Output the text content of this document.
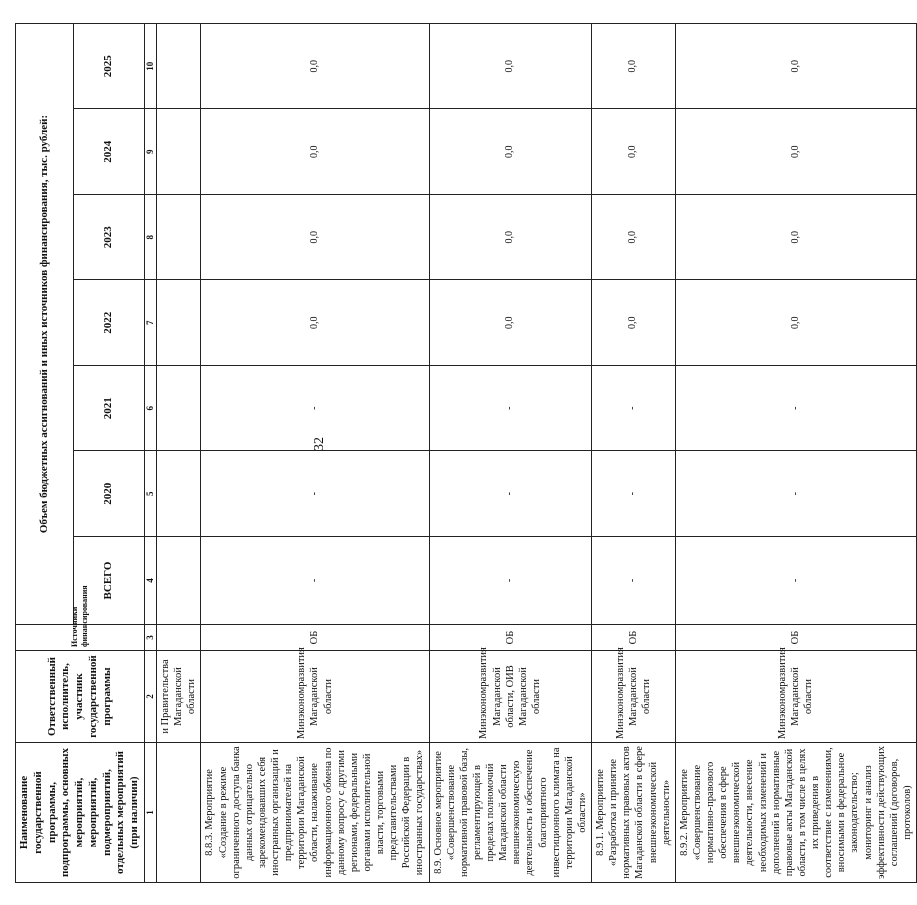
32
Наименование государственной программы, подпрограммы, основных мероприятий, мероприятий, подмероприятий, отдельных мероприятий (при наличии)	Ответственный исполнитель, участник государственной программы	Источники финансирования	Объем бюджетных ассигнований и иных источников финансирования, тыс. рублей:						
			ВСЕГО	2020	2021	2022	2023	2024	2025
1	2	3	4	5	6	7	8	9	10
	и Правительства Магаданской области								
8.8.3. Мероприятие «Создание в режиме ограниченного доступа банка данных отрицательно зарекомендовавших себя иностранных организаций и предпринимателей на территории Магаданской области, налаживание информационного обмена по данному вопросу с другими регионами, федеральными органами исполнительной власти, торговыми представительствами Российской Федерации в иностранных государствах»	Минэкономразвития Магаданской области	ОБ	-	-	-	0,0	0,0	0,0	0,0
8.9. Основное мероприятие «Совершенствование нормативной правовой базы, регламентирующей в пределах полномочий Магаданской области внешнеэкономическую деятельность и обеспечение благоприятного инвестиционного климата на территории Магаданской области»	Минэкономразвития Магаданской области, ОИВ Магаданской области	ОБ	-	-	-	0,0	0,0	0,0	0,0
8.9.1. Мероприятие «Разработка и принятие нормативных правовых актов Магаданской области в сфере внешнеэкономической деятельности»	Минэкономразвития Магаданской области	ОБ	-	-	-	0,0	0,0	0,0	0,0
8.9.2. Мероприятие «Совершенствование нормативно-правового обеспечения в сфере внешнеэкономической деятельности, внесение необходимых изменений и дополнений в нормативные правовые акты Магаданской области, в том числе в целях их приведения в соответствие с изменениями, вносимыми в федеральное законодательство; мониторинг и анализ эффективности действующих соглашений (договоров, протоколов)	Минэкономразвития Магаданской области	ОБ	-	-	-	0,0	0,0	0,0	0,0
